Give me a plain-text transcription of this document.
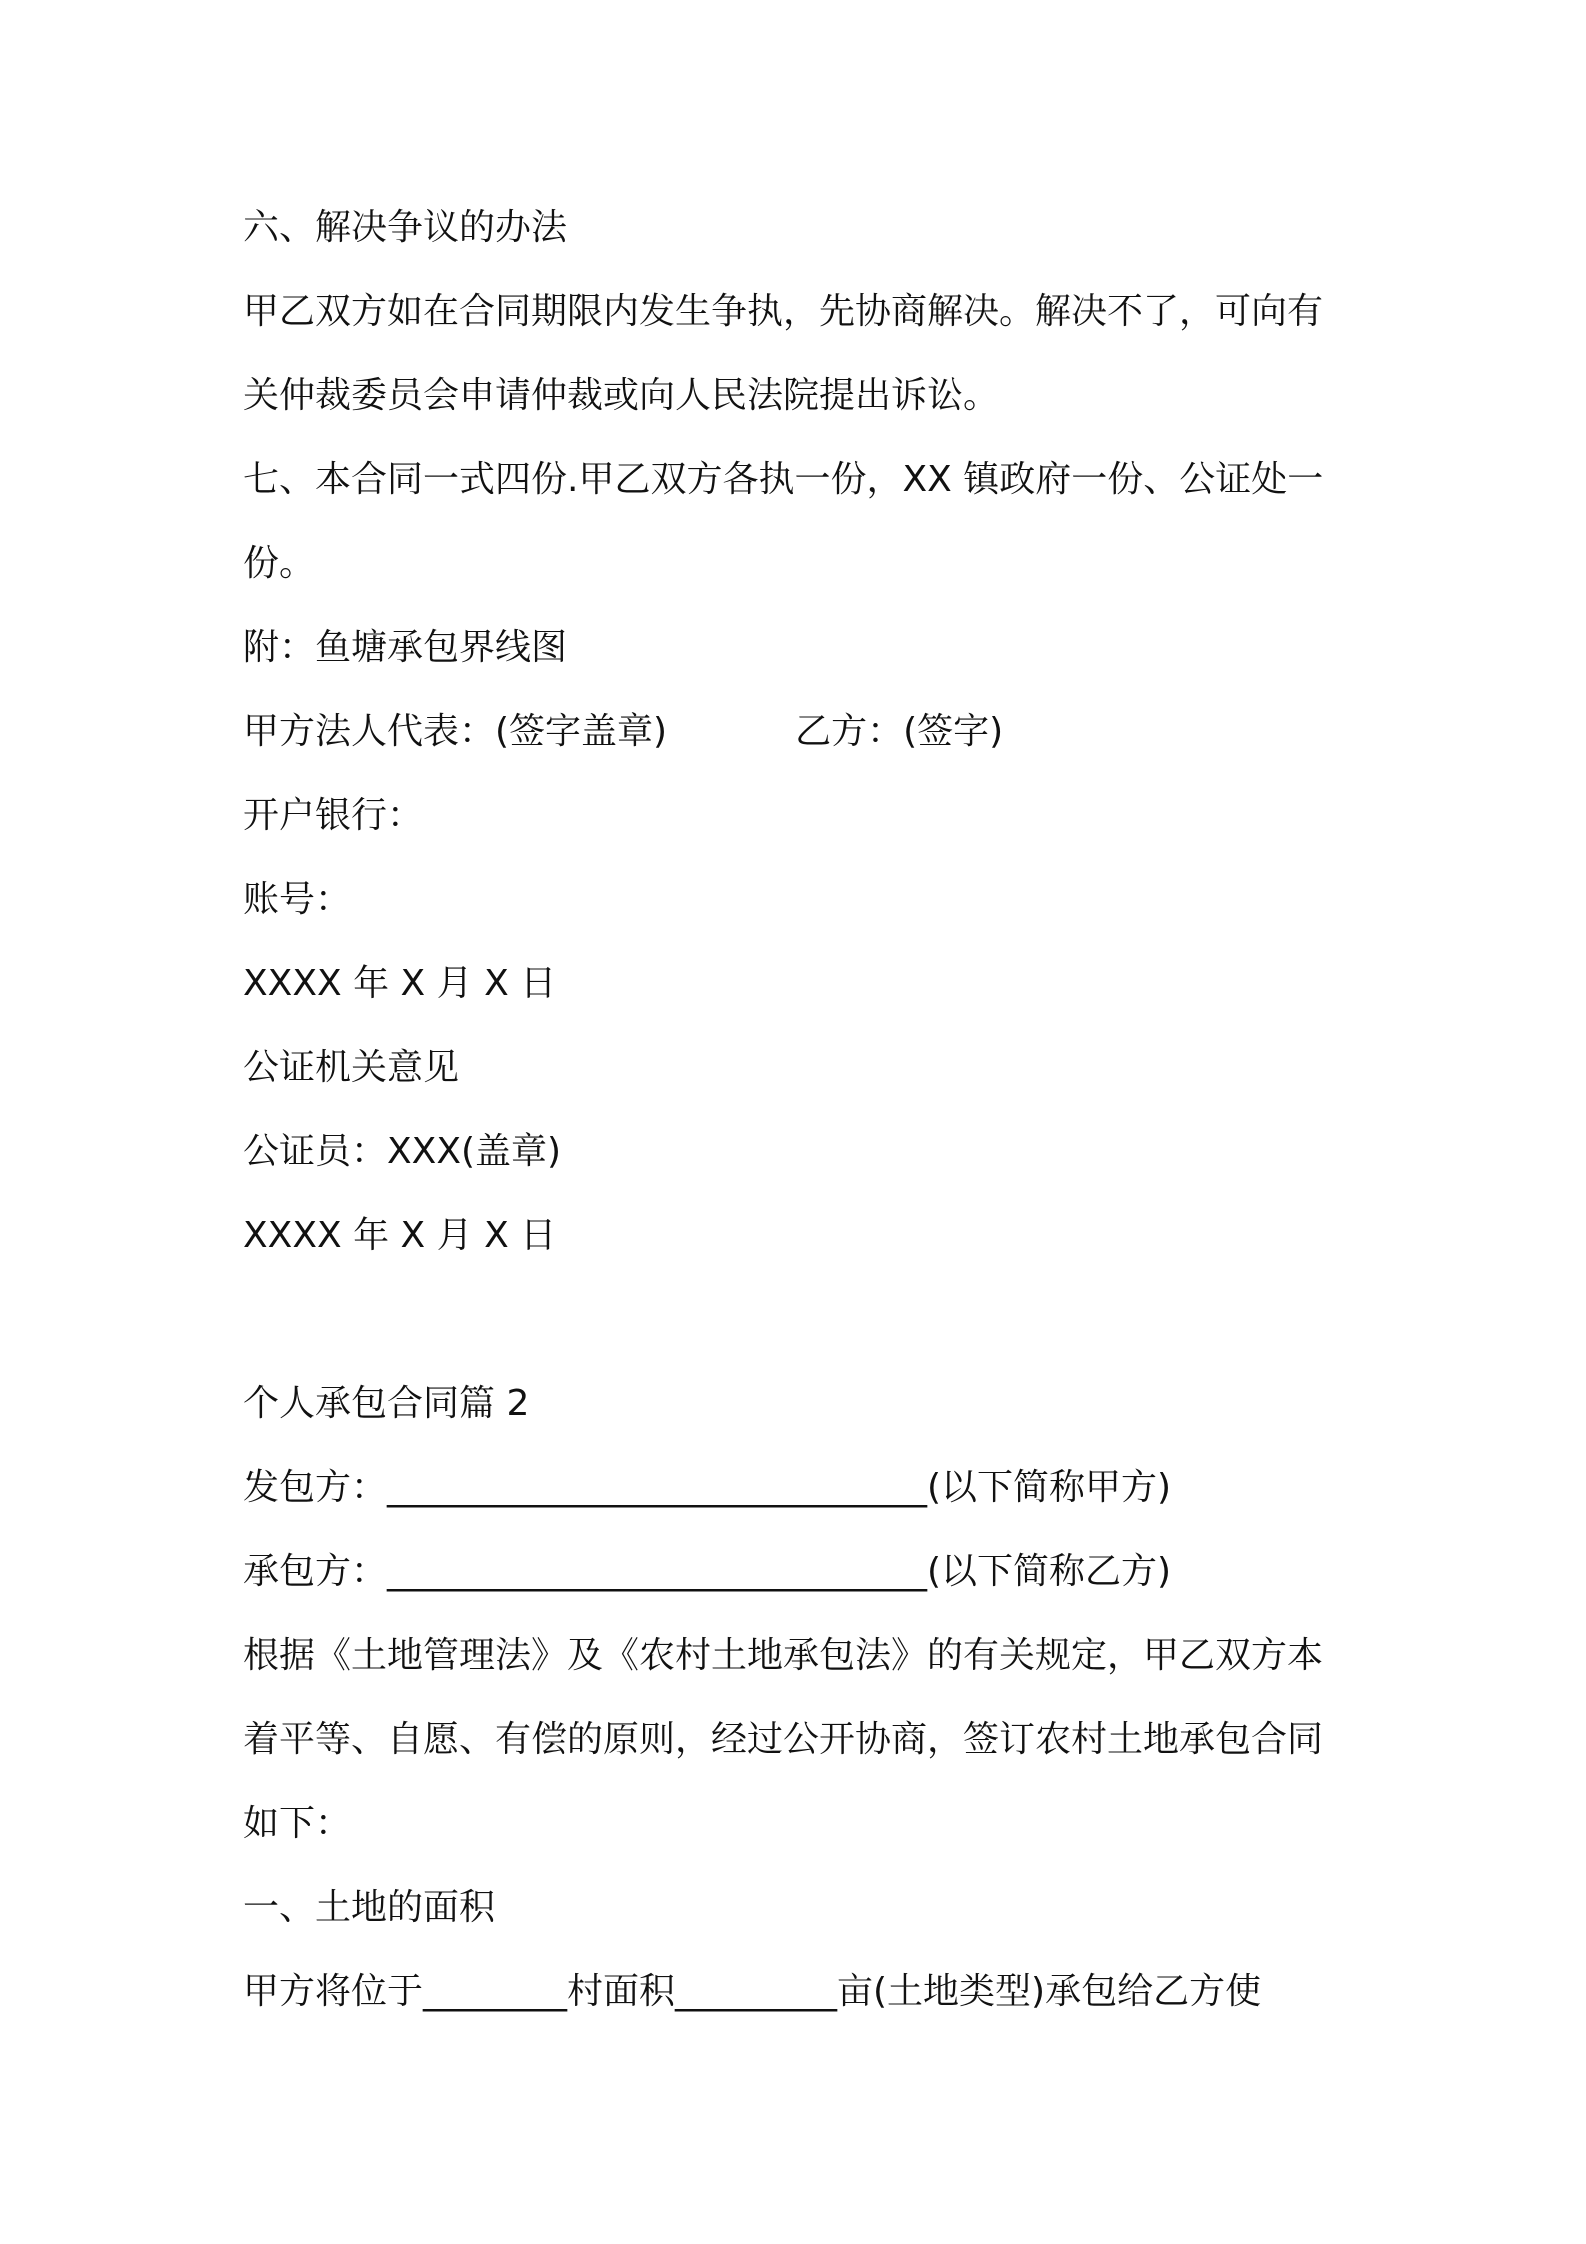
六、解决争议的办法

甲乙双方如在合同期限内发生争执，先协商解决。解决不了，可向有

关仲裁委员会申请仲裁或向人民法院提出诉讼。

七、本合同一式四份.甲乙双方各执一份，XX 镇政府一份、公证处一

份。

附：鱼塘承包界线图

甲方法人代表：(签字盖章)	乙方：(签字)

开户银行：

账号：

XXXX 年 X 月 X 日

公证机关意见

公证员：XXX(盖章)

XXXX 年 X 月 X 日

个人承包合同篇 2

发包方：______________________________(以下简称甲方)

承包方：______________________________(以下简称乙方)

根据《土地管理法》及《农村土地承包法》的有关规定，甲乙双方本

着平等、自愿、有偿的原则，经过公开协商，签订农村土地承包合同

如下：

一、土地的面积

甲方将位于________村面积_________亩(土地类型)承包给乙方使
